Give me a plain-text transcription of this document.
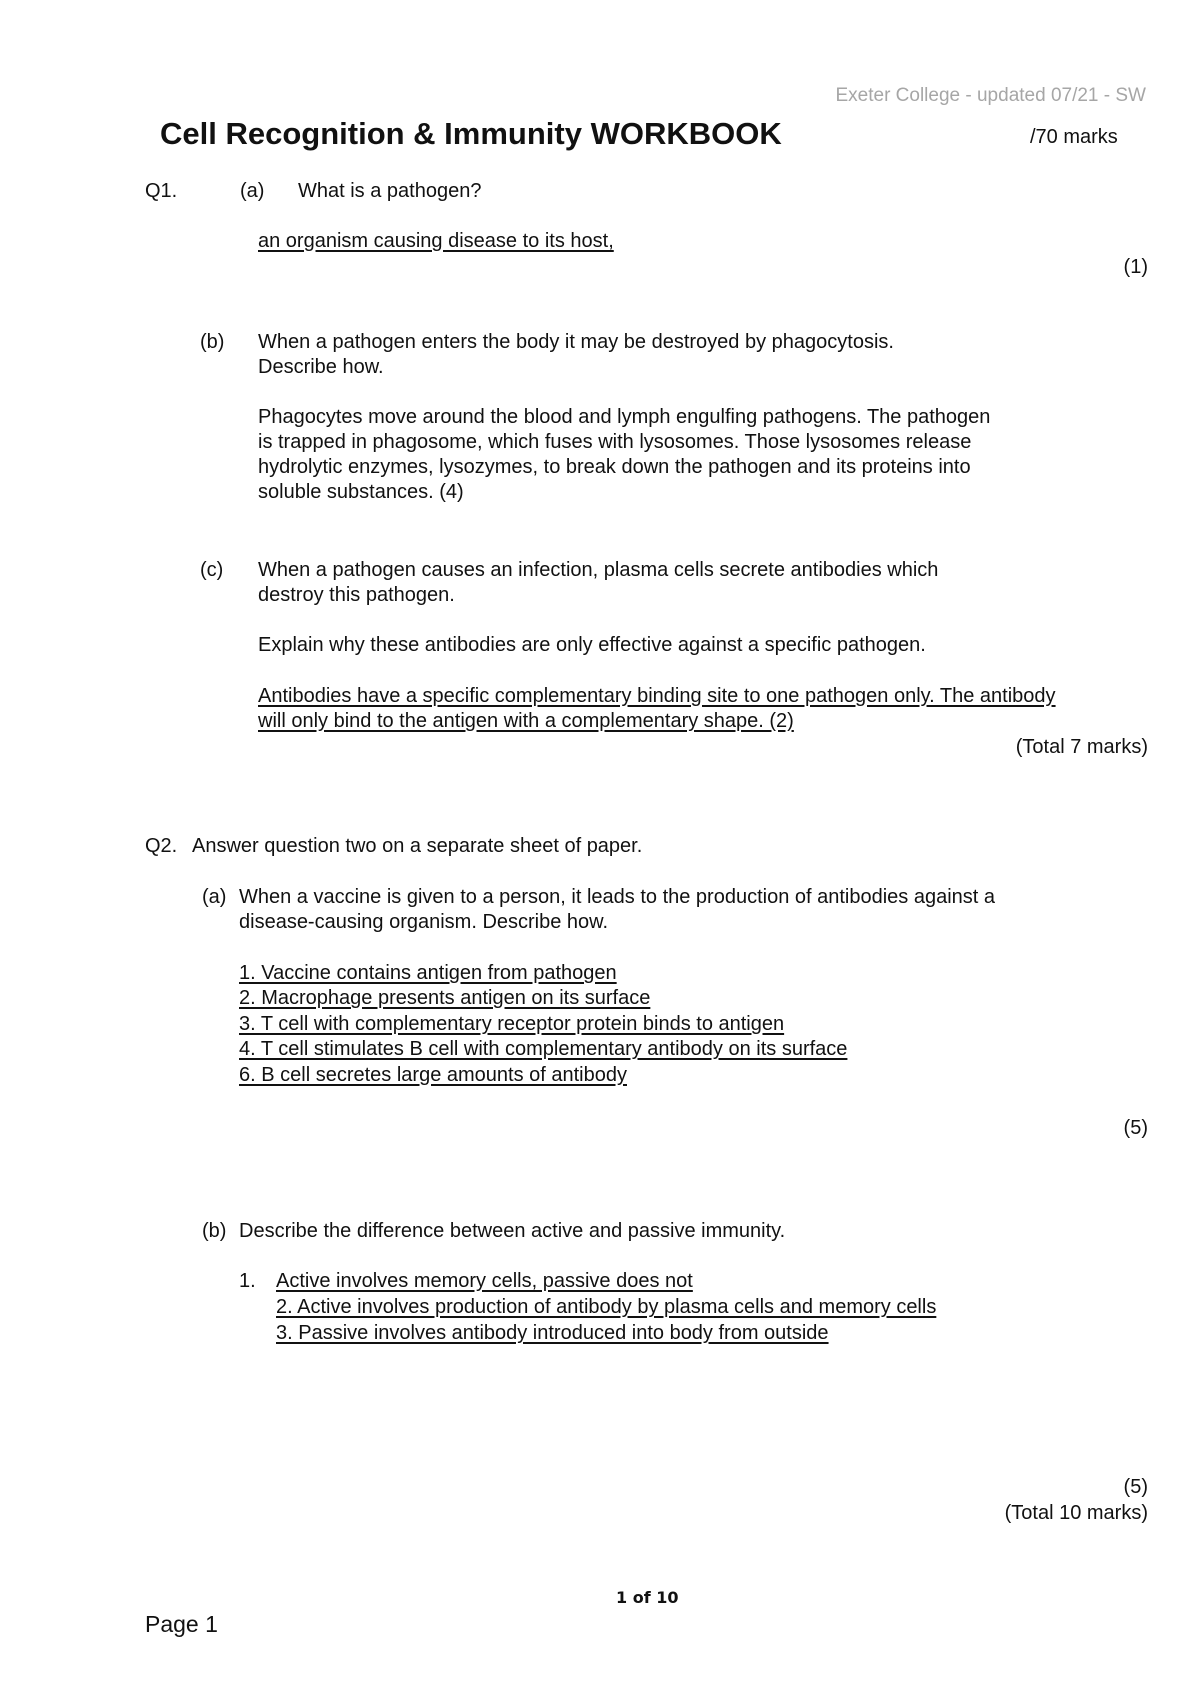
Exeter College - updated 07/21 - SW
Cell Recognition & Immunity WORKBOOK	/70 marks
Q1.	(a) What is a pathogen?
an organism causing disease to its host,
(1)
(b) When a pathogen enters the body it may be destroyed by phagocytosis.
Describe how.
Phagocytes move around the blood and lymph engulfing pathogens. The pathogen
is trapped in phagosome, which fuses with lysosomes. Those lysosomes release
hydrolytic enzymes, lysozymes, to break down the pathogen and its proteins into
soluble substances. (4)
(c) When a pathogen causes an infection, plasma cells secrete antibodies which
destroy this pathogen.
Explain why these antibodies are only effective against a specific pathogen.
Antibodies have a specific complementary binding site to one pathogen only. The antibody
will only bind to the antigen with a complementary shape. (2)
(Total 7 marks)
Q2. Answer question two on a separate sheet of paper.
(a) When a vaccine is given to a person, it leads to the production of antibodies against a
disease-causing organism. Describe how.
1. Vaccine contains antigen from pathogen
2. Macrophage presents antigen on its surface
3. T cell with complementary receptor protein binds to antigen
4. T cell stimulates B cell with complementary antibody on its surface
6. B cell secretes large amounts of antibody
(5)
(b) Describe the difference between active and passive immunity.
1. Active involves memory cells, passive does not
2. Active involves production of antibody by plasma cells and memory cells
3. Passive involves antibody introduced into body from outside
(5)
(Total 10 marks)
1 of 10
Page 1
